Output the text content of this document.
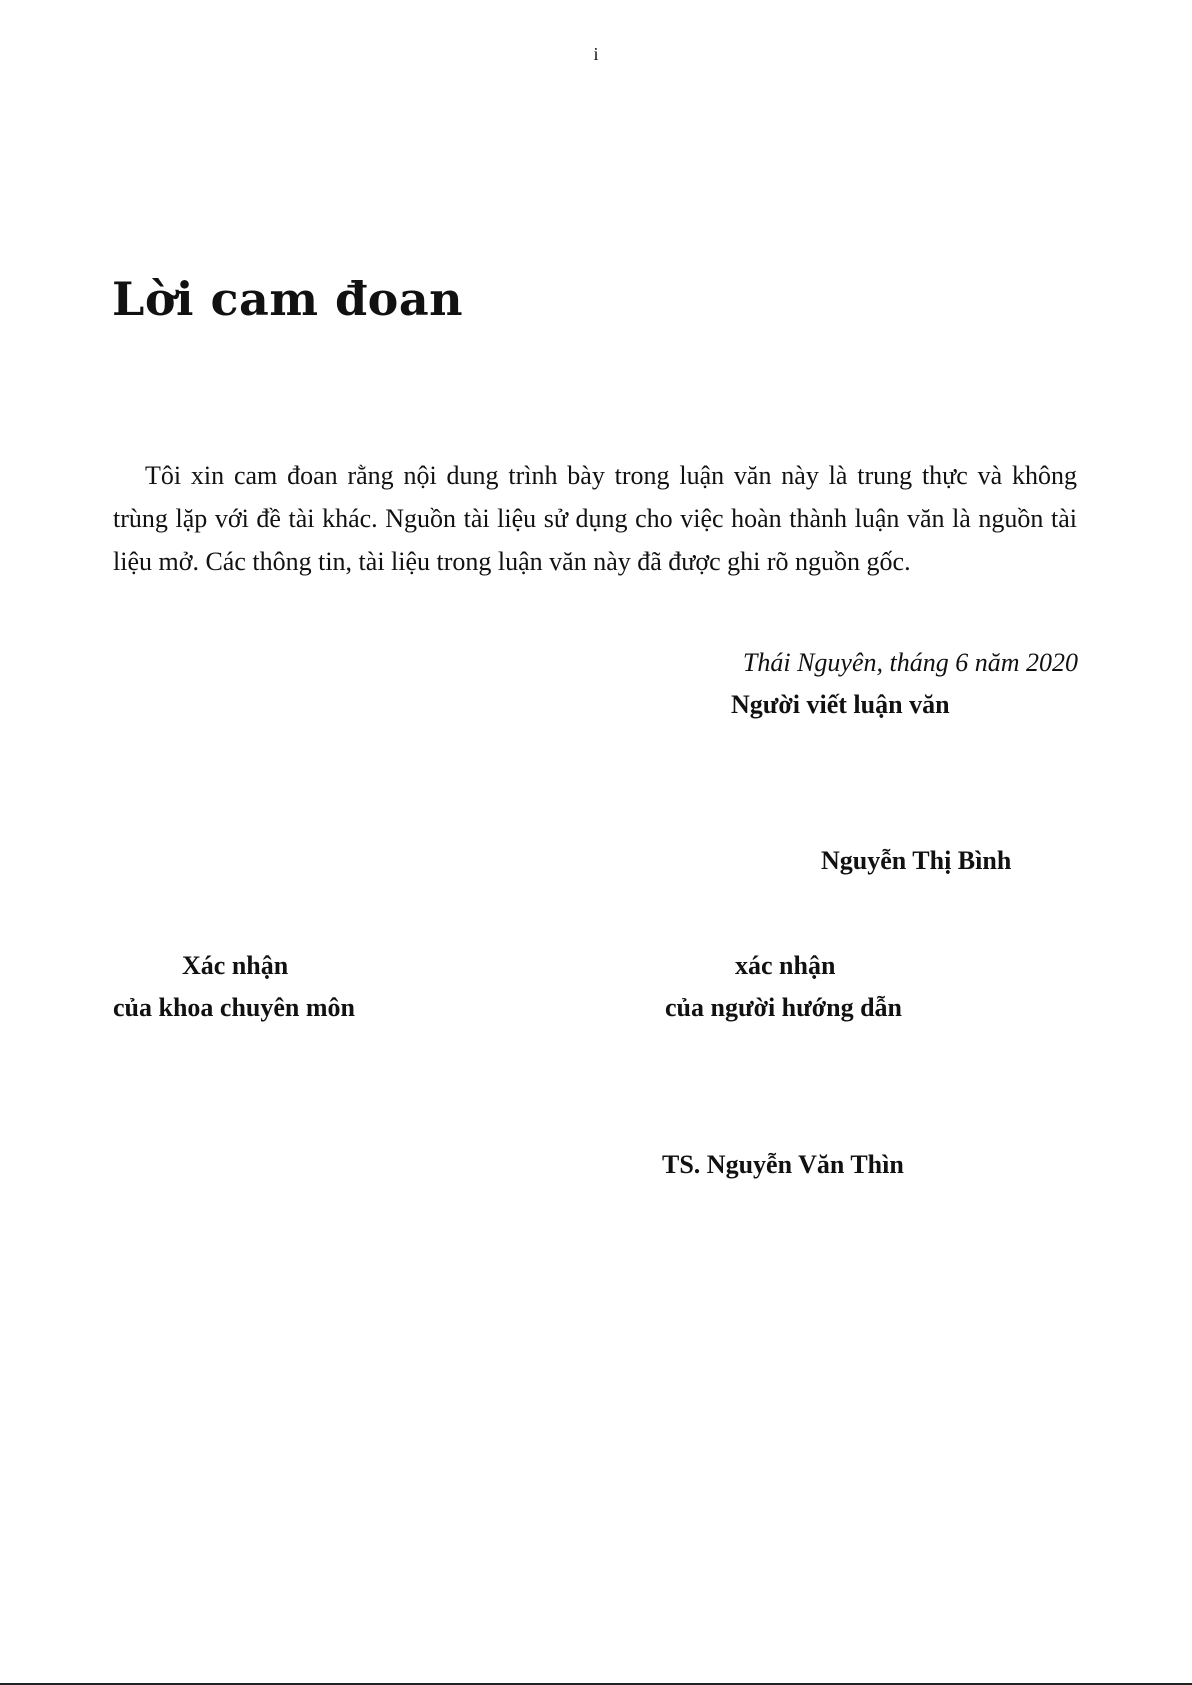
i
Lời cam đoan

Tôi xin cam đoan rằng nội dung trình bày trong luận văn này là trung thực và không trùng lặp với đề tài khác. Nguồn tài liệu sử dụng cho việc hoàn thành luận văn là nguồn tài liệu mở. Các thông tin, tài liệu trong luận văn này đã được ghi rõ nguồn gốc.

Thái Nguyên, tháng 6 năm 2020
Người viết luận văn
Nguyễn Thị Bình
Xác nhận
của khoa chuyên môn
xác nhận
của người hướng dẫn
TS. Nguyễn Văn Thìn
